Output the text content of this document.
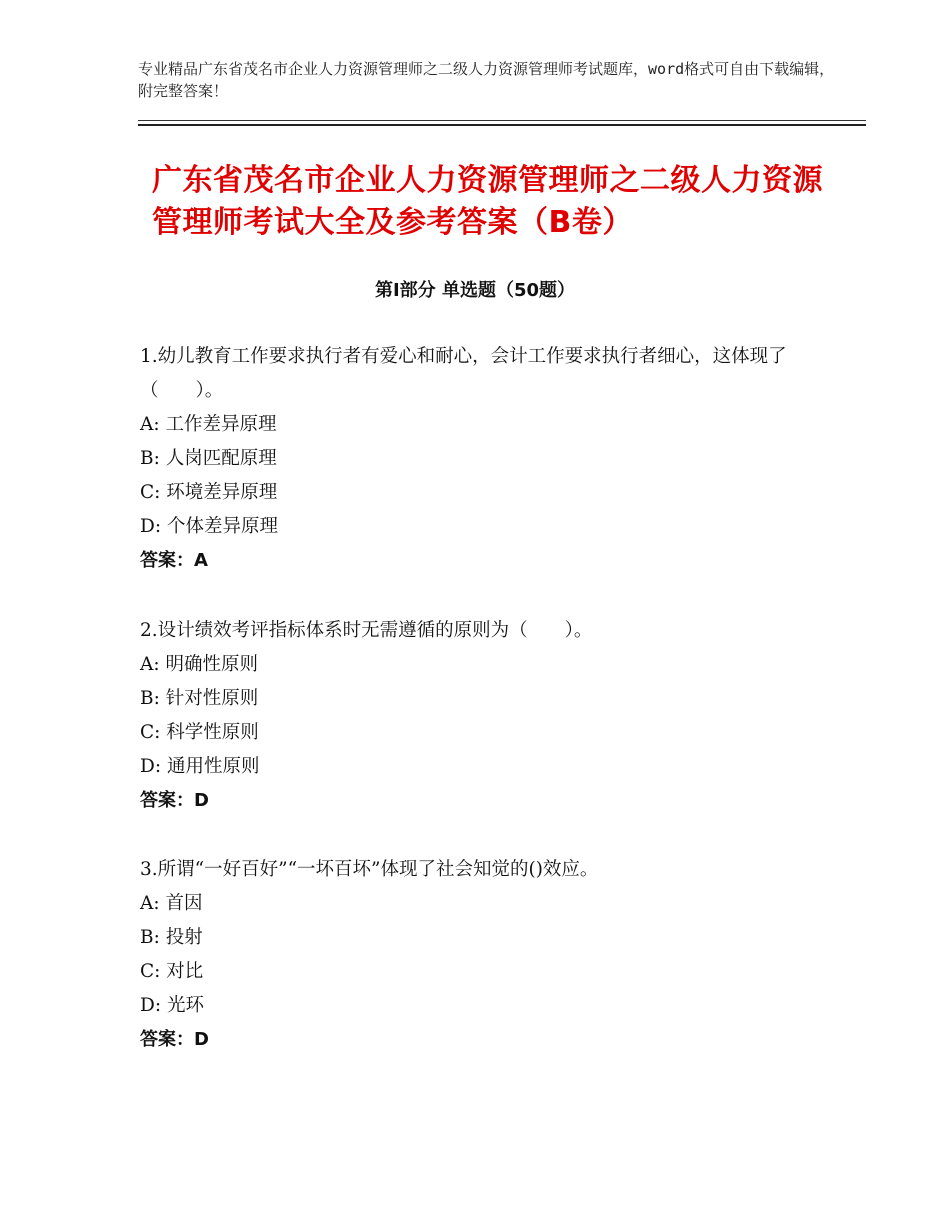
专业精品广东省茂名市企业人力资源管理师之二级人力资源管理师考试题库，word格式可自由下载编辑，附完整答案！
广东省茂名市企业人力资源管理师之二级人力资源管理师考试大全及参考答案（B卷）
第Ⅰ部分 单选题（50题）

1.幼儿教育工作要求执行者有爱心和耐心，会计工作要求执行者细心，这体现了（　　）。

A: 工作差异原理

B: 人岗匹配原理

C: 环境差异原理

D: 个体差异原理

答案：A

2.设计绩效考评指标体系时无需遵循的原则为（　　）。

A: 明确性原则

B: 针对性原则

C: 科学性原则

D: 通用性原则

答案：D

3.所谓“一好百好”“一坏百坏”体现了社会知觉的()效应。

A: 首因

B: 投射

C: 对比

D: 光环

答案：D
